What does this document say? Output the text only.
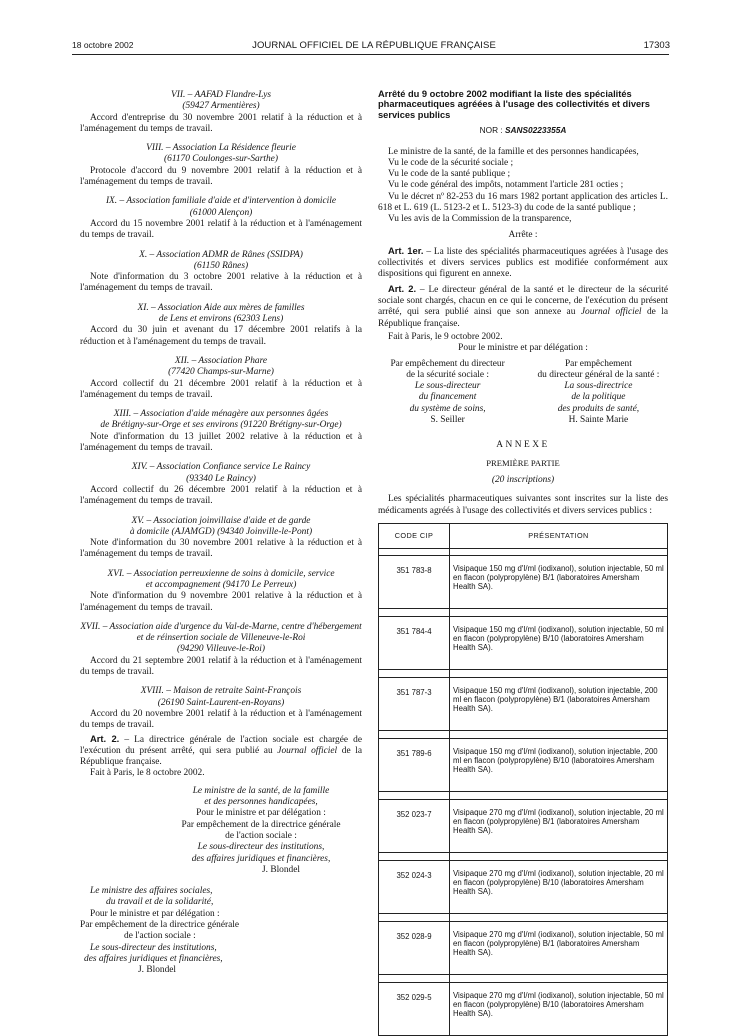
18 octobre 2002	JOURNAL OFFICIEL DE LA RÉPUBLIQUE FRANÇAISE	17303
VII. – AAFAD Flandre-Lys
(59427 Armentières)
Accord d'entreprise du 30 novembre 2001 relatif à la réduction et à l'aménagement du temps de travail.
VIII. – Association La Résidence fleurie
(61170 Coulonges-sur-Sarthe)
Protocole d'accord du 9 novembre 2001 relatif à la réduction et à l'aménagement du temps de travail.
IX. – Association familiale d'aide et d'intervention à domicile
(61000 Alençon)
Accord du 15 novembre 2001 relatif à la réduction et à l'aménagement du temps de travail.
X. – Association ADMR de Rânes (SSIDPA)
(61150 Rânes)
Note d'information du 3 octobre 2001 relative à la réduction et à l'aménagement du temps de travail.
XI. – Association Aide aux mères de familles
de Lens et environs (62303 Lens)
Accord du 30 juin et avenant du 17 décembre 2001 relatifs à la réduction et à l'aménagement du temps de travail.
XII. – Association Phare
(77420 Champs-sur-Marne)
Accord collectif du 21 décembre 2001 relatif à la réduction et à l'aménagement du temps de travail.
XIII. – Association d'aide ménagère aux personnes âgées
de Brétigny-sur-Orge et ses environs (91220 Brétigny-sur-Orge)
Note d'information du 13 juillet 2002 relative à la réduction et à l'aménagement du temps de travail.
XIV. – Association Confiance service Le Raincy
(93340 Le Raincy)
Accord collectif du 26 décembre 2001 relatif à la réduction et à l'aménagement du temps de travail.
XV. – Association joinvillaise d'aide et de garde
à domicile (AJAMGD) (94340 Joinville-le-Pont)
Note d'information du 30 novembre 2001 relative à la réduction et à l'aménagement du temps de travail.
XVI. – Association perreuxienne de soins à domicile, service
et accompagnement (94170 Le Perreux)
Note d'information du 9 novembre 2001 relative à la réduction et à l'aménagement du temps de travail.
XVII. – Association aide d'urgence du Val-de-Marne, centre d'hébergement et de réinsertion sociale de Villeneuve-le-Roi
(94290 Villeuve-le-Roi)
Accord du 21 septembre 2001 relatif à la réduction et à l'aménagement du temps de travail.
XVIII. – Maison de retraite Saint-François
(26190 Saint-Laurent-en-Royans)
Accord du 20 novembre 2001 relatif à la réduction et à l'aménagement du temps de travail.
Art. 2. – La directrice générale de l'action sociale est chargée de l'exécution du présent arrêté, qui sera publié au Journal officiel de la République française.
Fait à Paris, le 8 octobre 2002.
Le ministre de la santé, de la famille
et des personnes handicapées,
Pour le ministre et par délégation :
Par empêchement de la directrice générale
de l'action sociale :
Le sous-directeur des institutions,
des affaires juridiques et financières,
J. Blondel
Le ministre des affaires sociales,
du travail et de la solidarité,
Pour le ministre et par délégation :
Par empêchement de la directrice générale
de l'action sociale :
Le sous-directeur des institutions,
des affaires juridiques et financières,
J. Blondel
Arrêté du 9 octobre 2002 modifiant la liste des spécialités pharmaceutiques agréées à l'usage des collectivités et divers services publics
NOR : SANS0223355A
Le ministre de la santé, de la famille et des personnes handicapées,
Vu le code de la sécurité sociale ;
Vu le code de la santé publique ;
Vu le code général des impôts, notamment l'article 281 octies ;
Vu le décret nº 82-253 du 16 mars 1982 portant application des articles L. 618 et L. 619 (L. 5123-2 et L. 5123-3) du code de la santé publique ;
Vu les avis de la Commission de la transparence,
Arrête :
Art. 1er. – La liste des spécialités pharmaceutiques agréées à l'usage des collectivités et divers services publics est modifiée conformément aux dispositions qui figurent en annexe.
Art. 2. – Le directeur général de la santé et le directeur de la sécurité sociale sont chargés, chacun en ce qui le concerne, de l'exécution du présent arrêté, qui sera publié ainsi que son annexe au Journal officiel de la République française.
Fait à Paris, le 9 octobre 2002.
Pour le ministre et par délégation :
Par empêchement du directeur
de la sécurité sociale :
Le sous-directeur
du financement
du système de soins,
S. Seiller
Par empêchement
du directeur général de la santé :
La sous-directrice
de la politique
des produits de santé,
H. Sainte Marie
ANNEXE
PREMIÈRE PARTIE
(20 inscriptions)
Les spécialités pharmaceutiques suivantes sont inscrites sur la liste des médicaments agréés à l'usage des collectivités et divers services publics :
CODE CIP	PRÉSENTATION

351 783-8	Visipaque 150 mg d'I/ml (iodixanol), solution injectable, 50 ml en flacon (polypropylène) B/1 (laboratoires Amersham Health SA).

351 784-4	Visipaque 150 mg d'I/ml (iodixanol), solution injectable, 50 ml en flacon (polypropylène) B/10 (laboratoires Amersham Health SA).

351 787-3	Visipaque 150 mg d'I/ml (iodixanol), solution injectable, 200 ml en flacon (polypropylène) B/1 (laboratoires Amersham Health SA).

351 789-6	Visipaque 150 mg d'I/ml (iodixanol), solution injectable, 200 ml en flacon (polypropylène) B/10 (laboratoires Amersham Health SA).

352 023-7	Visipaque 270 mg d'I/ml (iodixanol), solution injectable, 20 ml en flacon (polypropylène) B/1 (laboratoires Amersham Health SA).

352 024-3	Visipaque 270 mg d'I/ml (iodixanol), solution injectable, 20 ml en flacon (polypropylène) B/10 (laboratoires Amersham Health SA).

352 028-9	Visipaque 270 mg d'I/ml (iodixanol), solution injectable, 50 ml en flacon (polypropylène) B/1 (laboratoires Amersham Health SA).

352 029-5	Visipaque 270 mg d'I/ml (iodixanol), solution injectable, 50 ml en flacon (polypropylène) B/10 (laboratoires Amersham Health SA).
